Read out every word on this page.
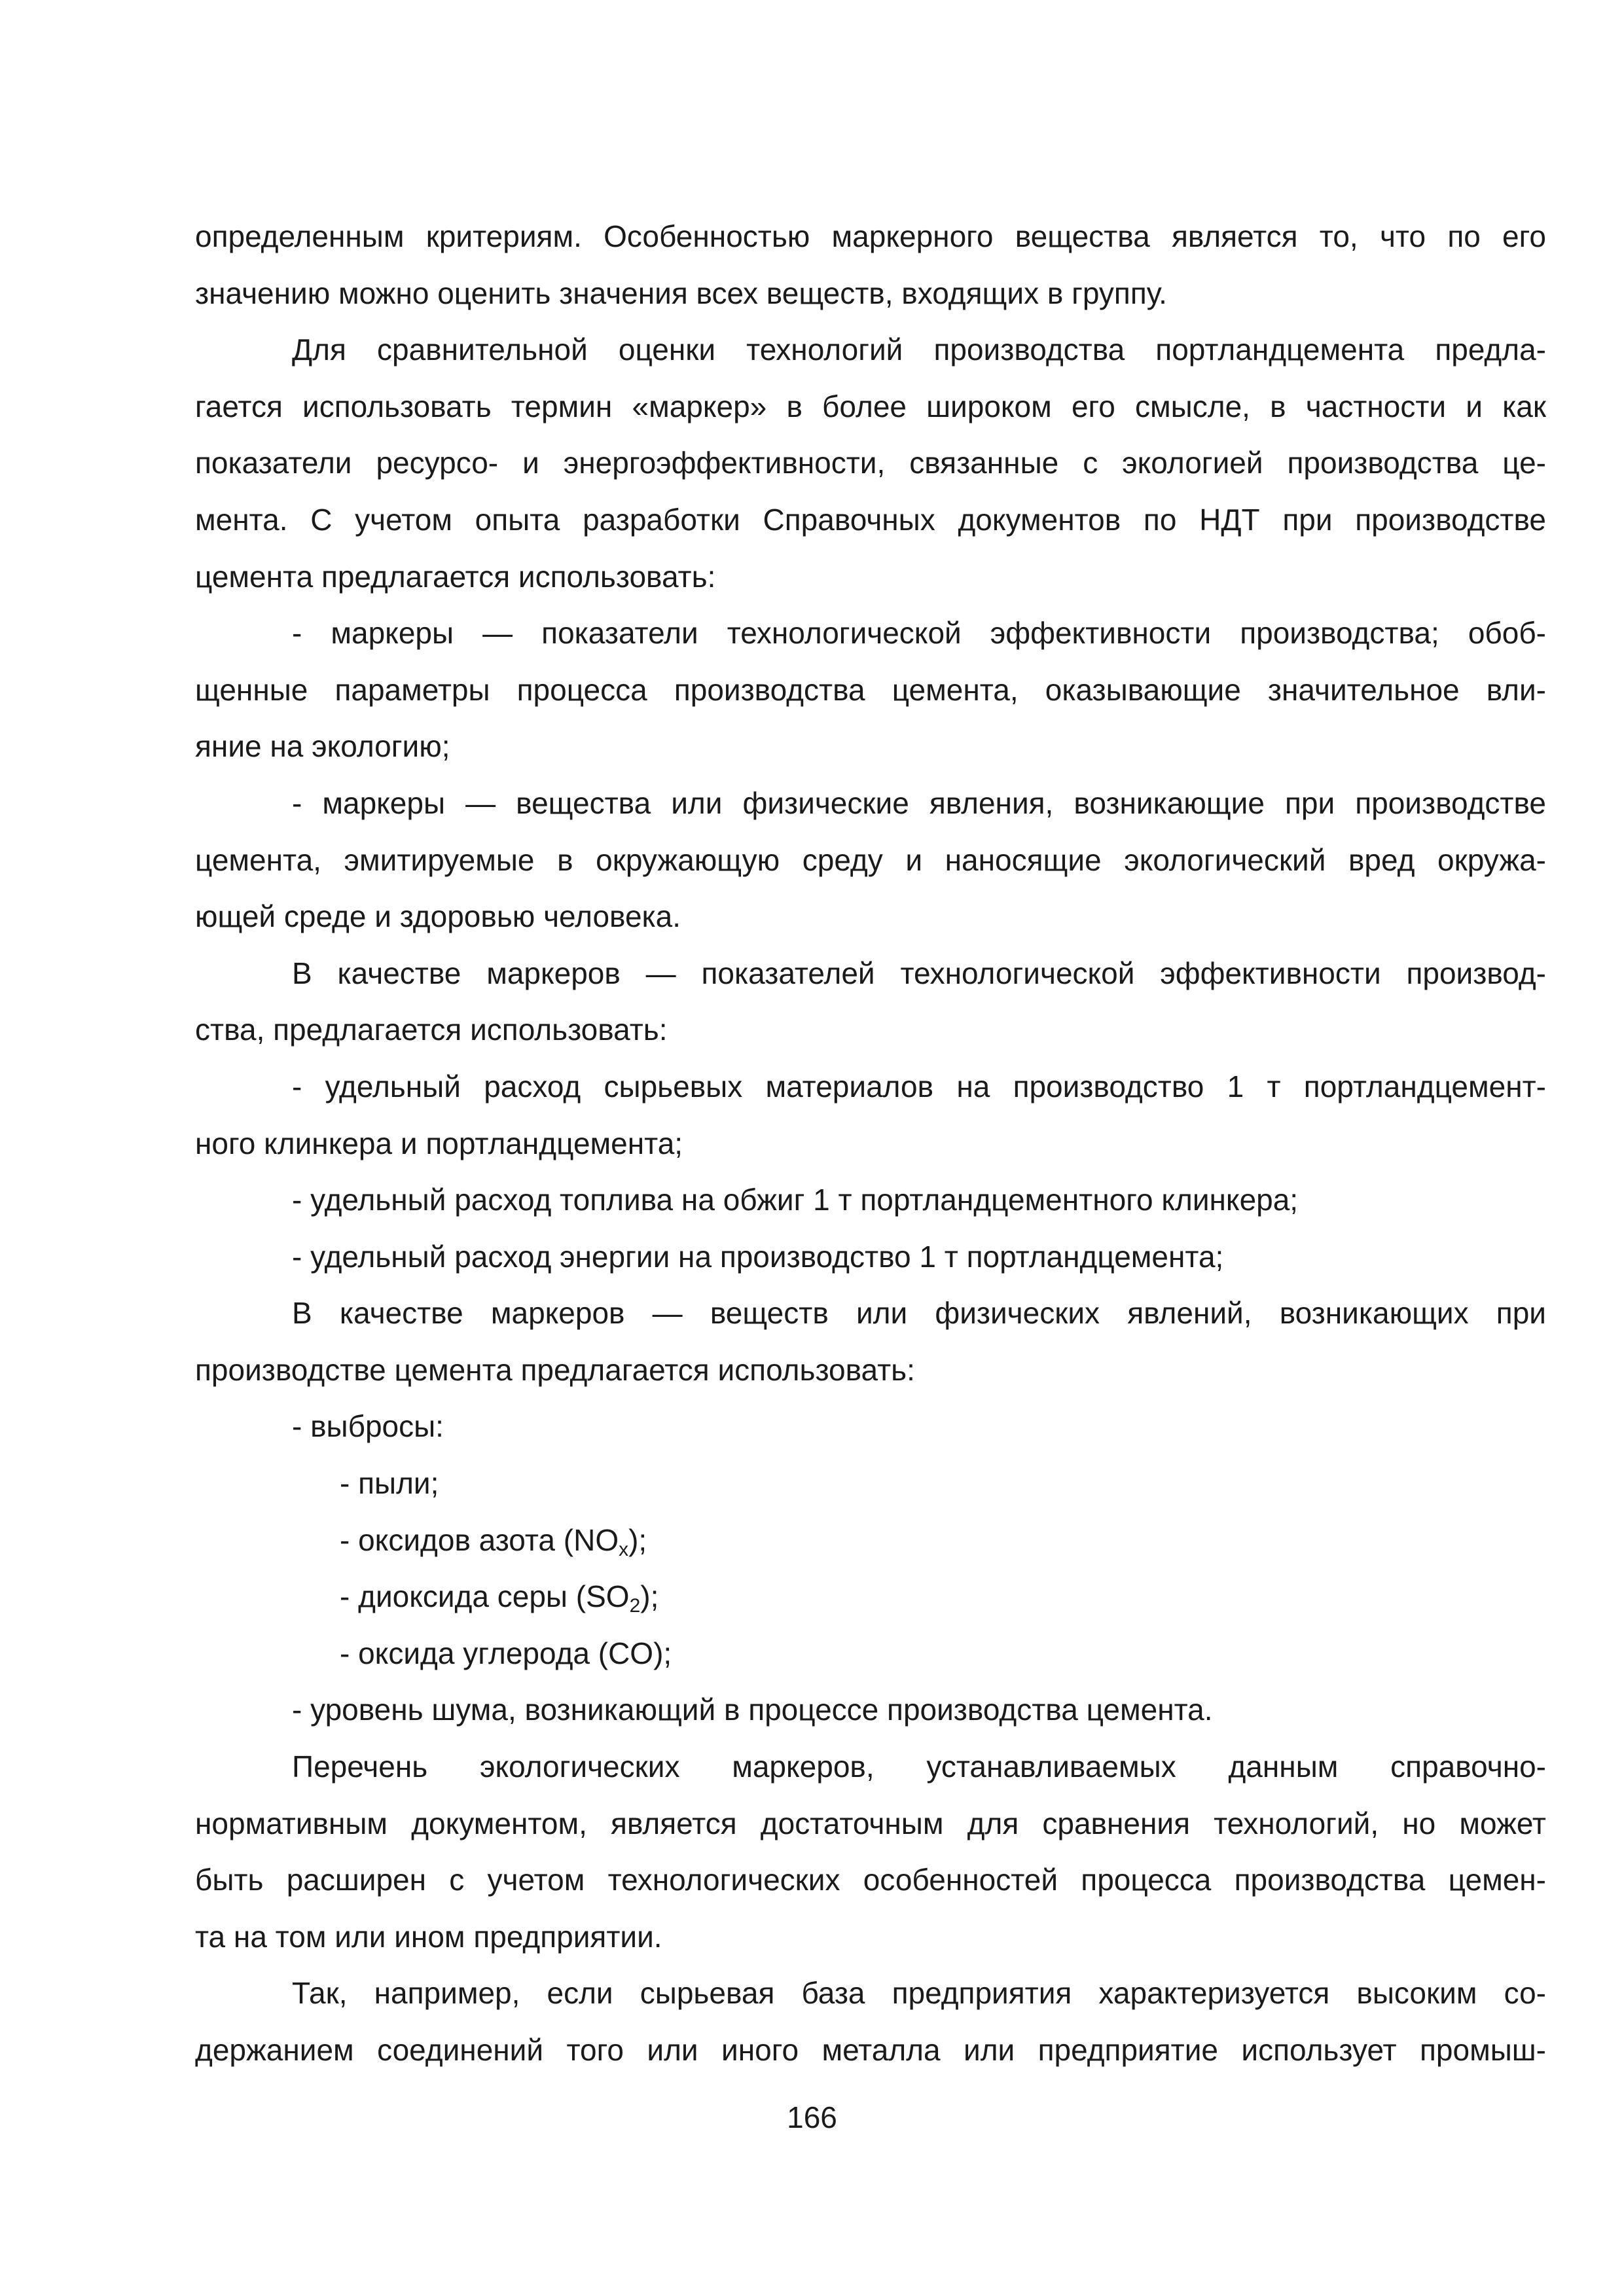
определенным критериям. Особенностью маркерного вещества является то, что по его
значению можно оценить значения всех веществ, входящих в группу.
Для сравнительной оценки технологий производства портландцемента предла-
гается использовать термин «маркер» в более широком его смысле, в частности и как
показатели ресурсо- и энергоэффективности, связанные с экологией производства це-
мента. С учетом опыта разработки Справочных документов по НДТ при производстве
цемента предлагается использовать:
- маркеры — показатели технологической эффективности производства; обоб-
щенные параметры процесса производства цемента, оказывающие значительное вли-
яние на экологию;
- маркеры — вещества или физические явления, возникающие при производстве
цемента, эмитируемые в окружающую среду и наносящие экологический вред окружа-
ющей среде и здоровью человека.
В качестве маркеров — показателей технологической эффективности производ-
ства, предлагается использовать:
- удельный расход сырьевых материалов на производство 1 т портландцемент-
ного клинкера и портландцемента;
- удельный расход топлива на обжиг 1 т портландцементного клинкера;
- удельный расход энергии на производство 1 т портландцемента;
В качестве маркеров — веществ или физических явлений, возникающих при
производстве цемента предлагается использовать:
- выбросы:
- пыли;
- оксидов азота $(NO_x)$;
- диоксида серы $(SO_2)$;
- оксида углерода (CO);
- уровень шума, возникающий в процессе производства цемента.
Перечень экологических маркеров, устанавливаемых данным справочно-
нормативным документом, является достаточным для сравнения технологий, но может
быть расширен с учетом технологических особенностей процесса производства цемен-
та на том или ином предприятии.
Так, например, если сырьевая база предприятия характеризуется высоким со-
держанием соединений того или иного металла или предприятие использует промыш-
166
